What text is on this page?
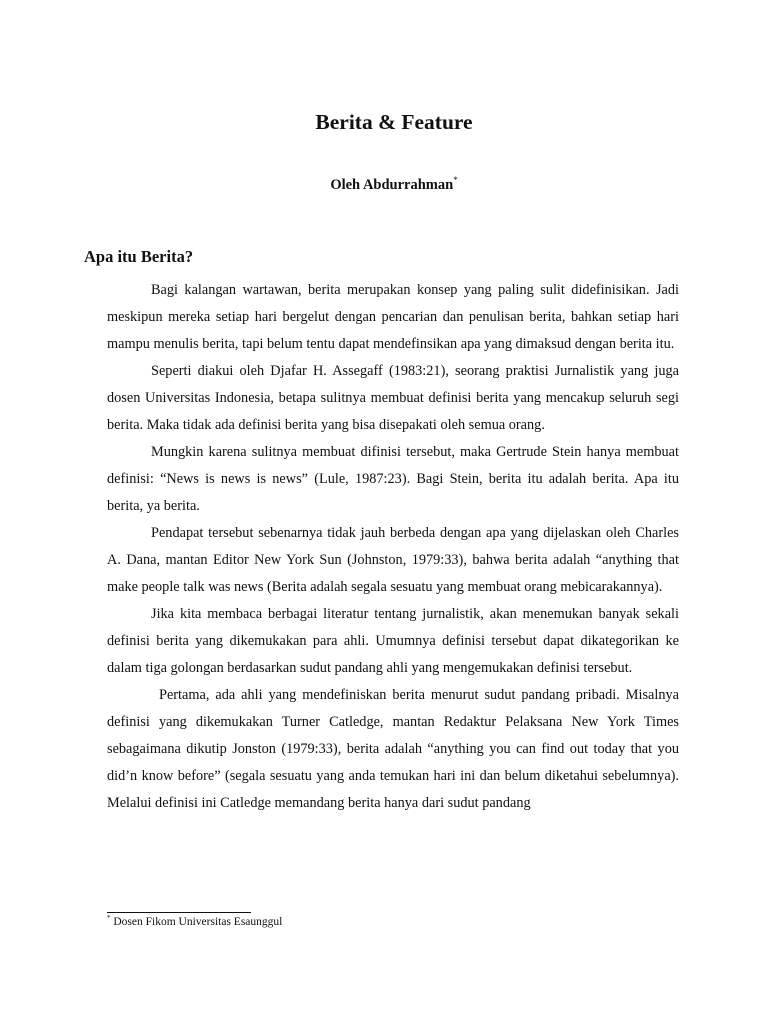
Berita & Feature

Oleh Abdurrahman*

Apa itu Berita?

Bagi kalangan wartawan, berita merupakan konsep yang paling sulit didefinisikan. Jadi meskipun mereka setiap hari bergelut dengan pencarian dan penulisan berita, bahkan setiap hari mampu menulis berita, tapi belum tentu dapat mendefinsikan apa yang dimaksud dengan berita itu.

Seperti diakui oleh Djafar H. Assegaff (1983:21), seorang praktisi Jurnalistik yang juga dosen Universitas Indonesia, betapa sulitnya membuat definisi berita yang mencakup seluruh segi berita. Maka tidak ada definisi berita yang bisa disepakati oleh semua orang.

Mungkin karena sulitnya membuat difinisi tersebut, maka Gertrude Stein hanya membuat definisi: “News is news is news” (Lule, 1987:23). Bagi Stein, berita itu adalah berita. Apa itu berita, ya berita.

Pendapat tersebut sebenarnya tidak jauh berbeda dengan apa yang dijelaskan oleh Charles A. Dana, mantan Editor New York Sun (Johnston, 1979:33), bahwa berita adalah “anything that make people talk was news (Berita adalah segala sesuatu yang membuat orang mebicarakannya).

Jika kita membaca berbagai literatur tentang jurnalistik, akan menemukan banyak sekali definisi berita yang dikemukakan para ahli. Umumnya definisi tersebut dapat dikategorikan ke dalam tiga golongan berdasarkan sudut pandang ahli yang mengemukakan definisi tersebut.

Pertama, ada ahli yang mendefiniskan berita menurut sudut pandang pribadi. Misalnya definisi yang dikemukakan Turner Catledge, mantan Redaktur Pelaksana New York Times sebagaimana dikutip Jonston (1979:33), berita adalah “anything you can find out today that you did’n know before” (segala sesuatu yang anda temukan hari ini dan belum diketahui sebelumnya). Melalui definisi ini Catledge memandang berita hanya dari sudut pandang

* Dosen Fikom Universitas Esaunggul
